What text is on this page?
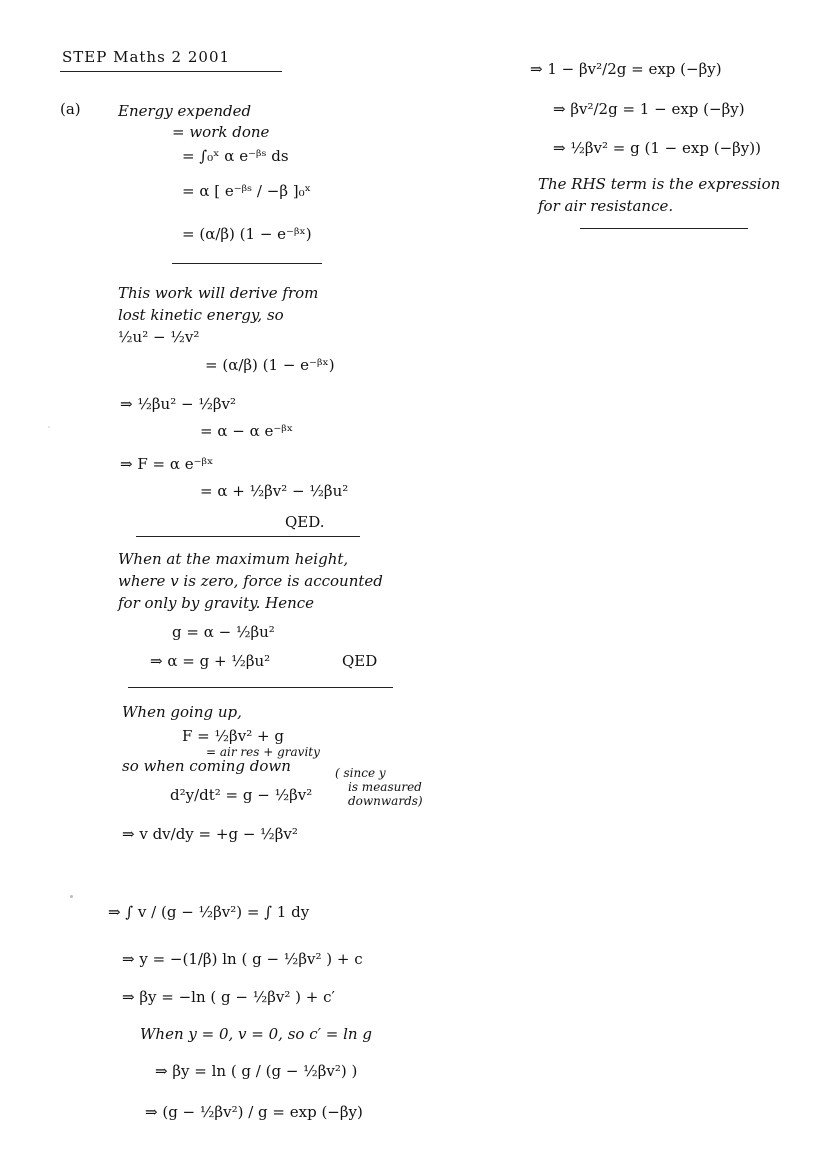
STEP Maths 2 2001
(a) Energy expended
= work done
= ∫₀ˣ α e⁻ᵝˢ ds
= α [ e⁻ᵝˢ / −β ]₀ˣ
= (α/β) (1 − e⁻ᵝˣ)
This work will derive from
lost kinetic energy, so
½u² − ½v²
= (α/β) (1 − e⁻ᵝˣ)
⇒ ½βu² − ½βv²
= α − α e⁻ᵝˣ
⇒ F = α e⁻ᵝˣ
= α + ½βv² − ½βu²
QED.
When at the maximum height,
where v is zero, force is accounted
for only by gravity. Hence
g = α − ½βu²
⇒ α = g + ½βu²	QED
When going up,
F = ½βv² + g
= air res + gravity
so when coming down
d²y/dt² = g − ½βv²
( since y
is measured
downwards)
⇒ v dv/dy = +g − ½βv²
⇒ ∫ v / (g − ½βv²) = ∫ 1 dy
⇒ y = −(1/β) ln ( g − ½βv² ) + c
⇒ βy = −ln ( g − ½βv² ) + c′
When y = 0, v = 0, so c′ = ln g
⇒ βy = ln ( g / (g − ½βv²) )
⇒ (g − ½βv²) / g = exp (−βy)
⇒ 1 − βv²/2g = exp (−βy)
⇒ βv²/2g = 1 − exp (−βy)
⇒ ½βv² = g (1 − exp (−βy))
The RHS term is the expression
for air resistance.
